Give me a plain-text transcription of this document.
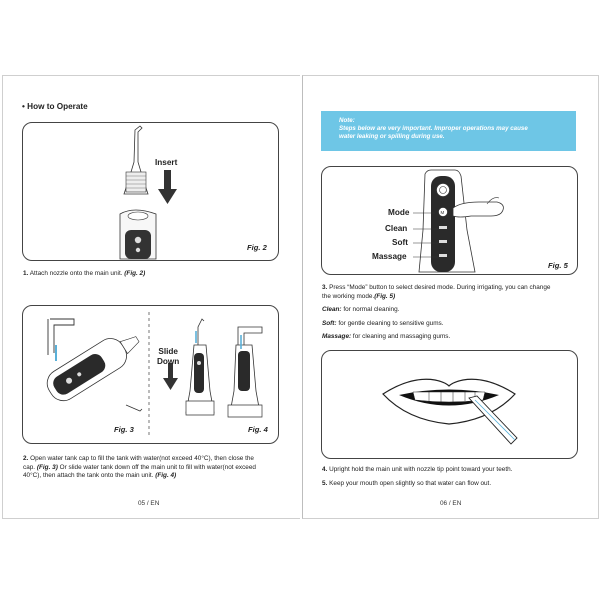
• How to Operate
Insert
Fig. 2
1. Attach nozzle onto the main unit. (Fig. 2)
Fig. 3
Slide
Down
Fig. 4
2. Open water tank cap to fill the tank with water(not exceed 40°C), then close the
cap. (Fig. 3) Or slide water tank down off the main unit to fill with water(not exceed
40°C), then attach the tank onto the main unit. (Fig. 4)
05 / EN
Note:
Steps below are very important. Improper operations may cause
water leaking or spilling during use.
M
Mode
Clean
Soft
Massage
Fig. 5
3. Press “Mode” button to select desired mode. During irrigating, you can change
the working mode.(Fig. 5)
Clean: for normal cleaning.
Soft: for gentle cleaning to sensitive gums.
Massage: for cleaning and massaging gums.
4. Upright hold the main unit with nozzle tip point toward your teeth.
5. Keep your mouth open slightly so that water can flow out.
06 / EN
